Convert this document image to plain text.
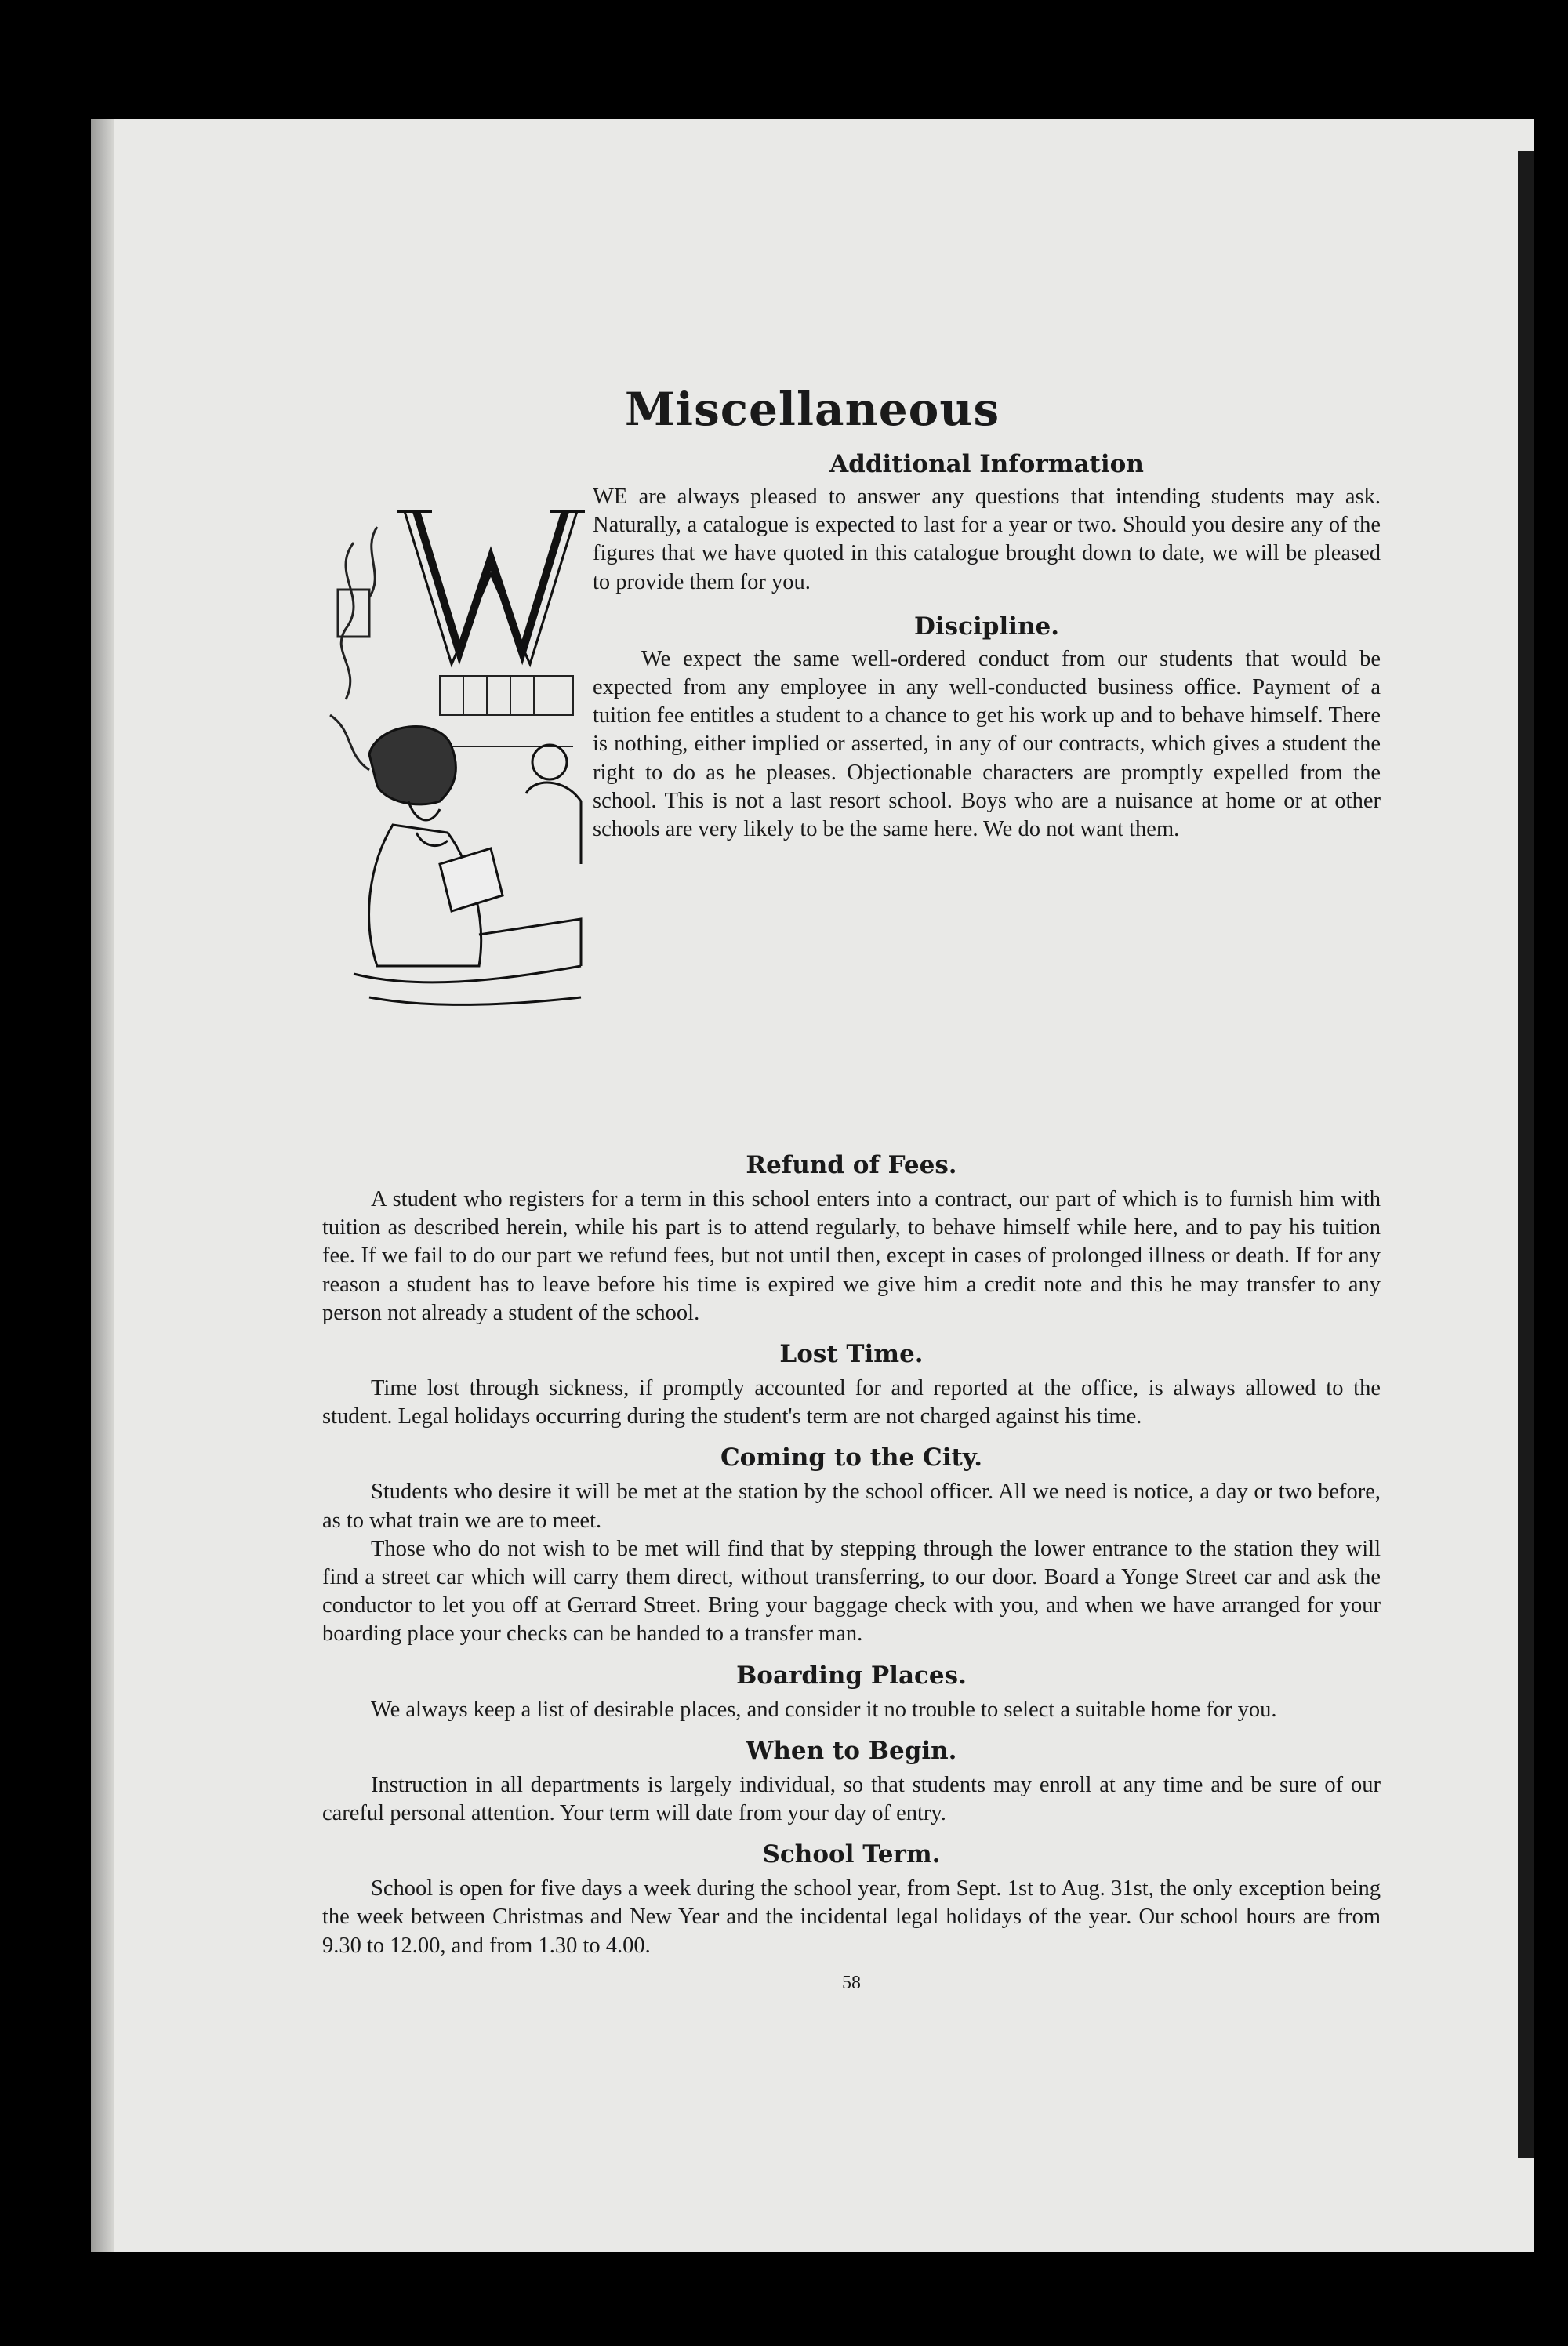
Miscellaneous

Additional Information

WE are always pleased to answer any questions that intending students may ask. Naturally, a catalogue is expected to last for a year or two. Should you desire any of the figures that we have quoted in this catalogue brought down to date, we will be pleased to provide them for you.

Discipline.

We expect the same well-ordered conduct from our students that would be expected from any employee in any well-conducted business office. Payment of a tuition fee entitles a student to a chance to get his work up and to behave himself. There is nothing, either implied or asserted, in any of our contracts, which gives a student the right to do as he pleases. Objectionable characters are promptly expelled from the school. This is not a last resort school. Boys who are a nuisance at home or at other schools are very likely to be the same here. We do not want them.

Refund of Fees.

A student who registers for a term in this school enters into a contract, our part of which is to furnish him with tuition as described herein, while his part is to attend regularly, to behave himself while here, and to pay his tuition fee. If we fail to do our part we refund fees, but not until then, except in cases of prolonged illness or death. If for any reason a student has to leave before his time is expired we give him a credit note and this he may transfer to any person not already a student of the school.

Lost Time.

Time lost through sickness, if promptly accounted for and reported at the office, is always allowed to the student. Legal holidays occurring during the student's term are not charged against his time.

Coming to the City.

Students who desire it will be met at the station by the school officer. All we need is notice, a day or two before, as to what train we are to meet.

Those who do not wish to be met will find that by stepping through the lower entrance to the station they will find a street car which will carry them direct, without transferring, to our door. Board a Yonge Street car and ask the conductor to let you off at Gerrard Street. Bring your baggage check with you, and when we have arranged for your boarding place your checks can be handed to a transfer man.

Boarding Places.

We always keep a list of desirable places, and consider it no trouble to select a suitable home for you.

When to Begin.

Instruction in all departments is largely individual, so that students may enroll at any time and be sure of our careful personal attention. Your term will date from your day of entry.

School Term.

School is open for five days a week during the school year, from Sept. 1st to Aug. 31st, the only exception being the week between Christmas and New Year and the incidental legal holidays of the year. Our school hours are from 9.30 to 12.00, and from 1.30 to 4.00.

58
